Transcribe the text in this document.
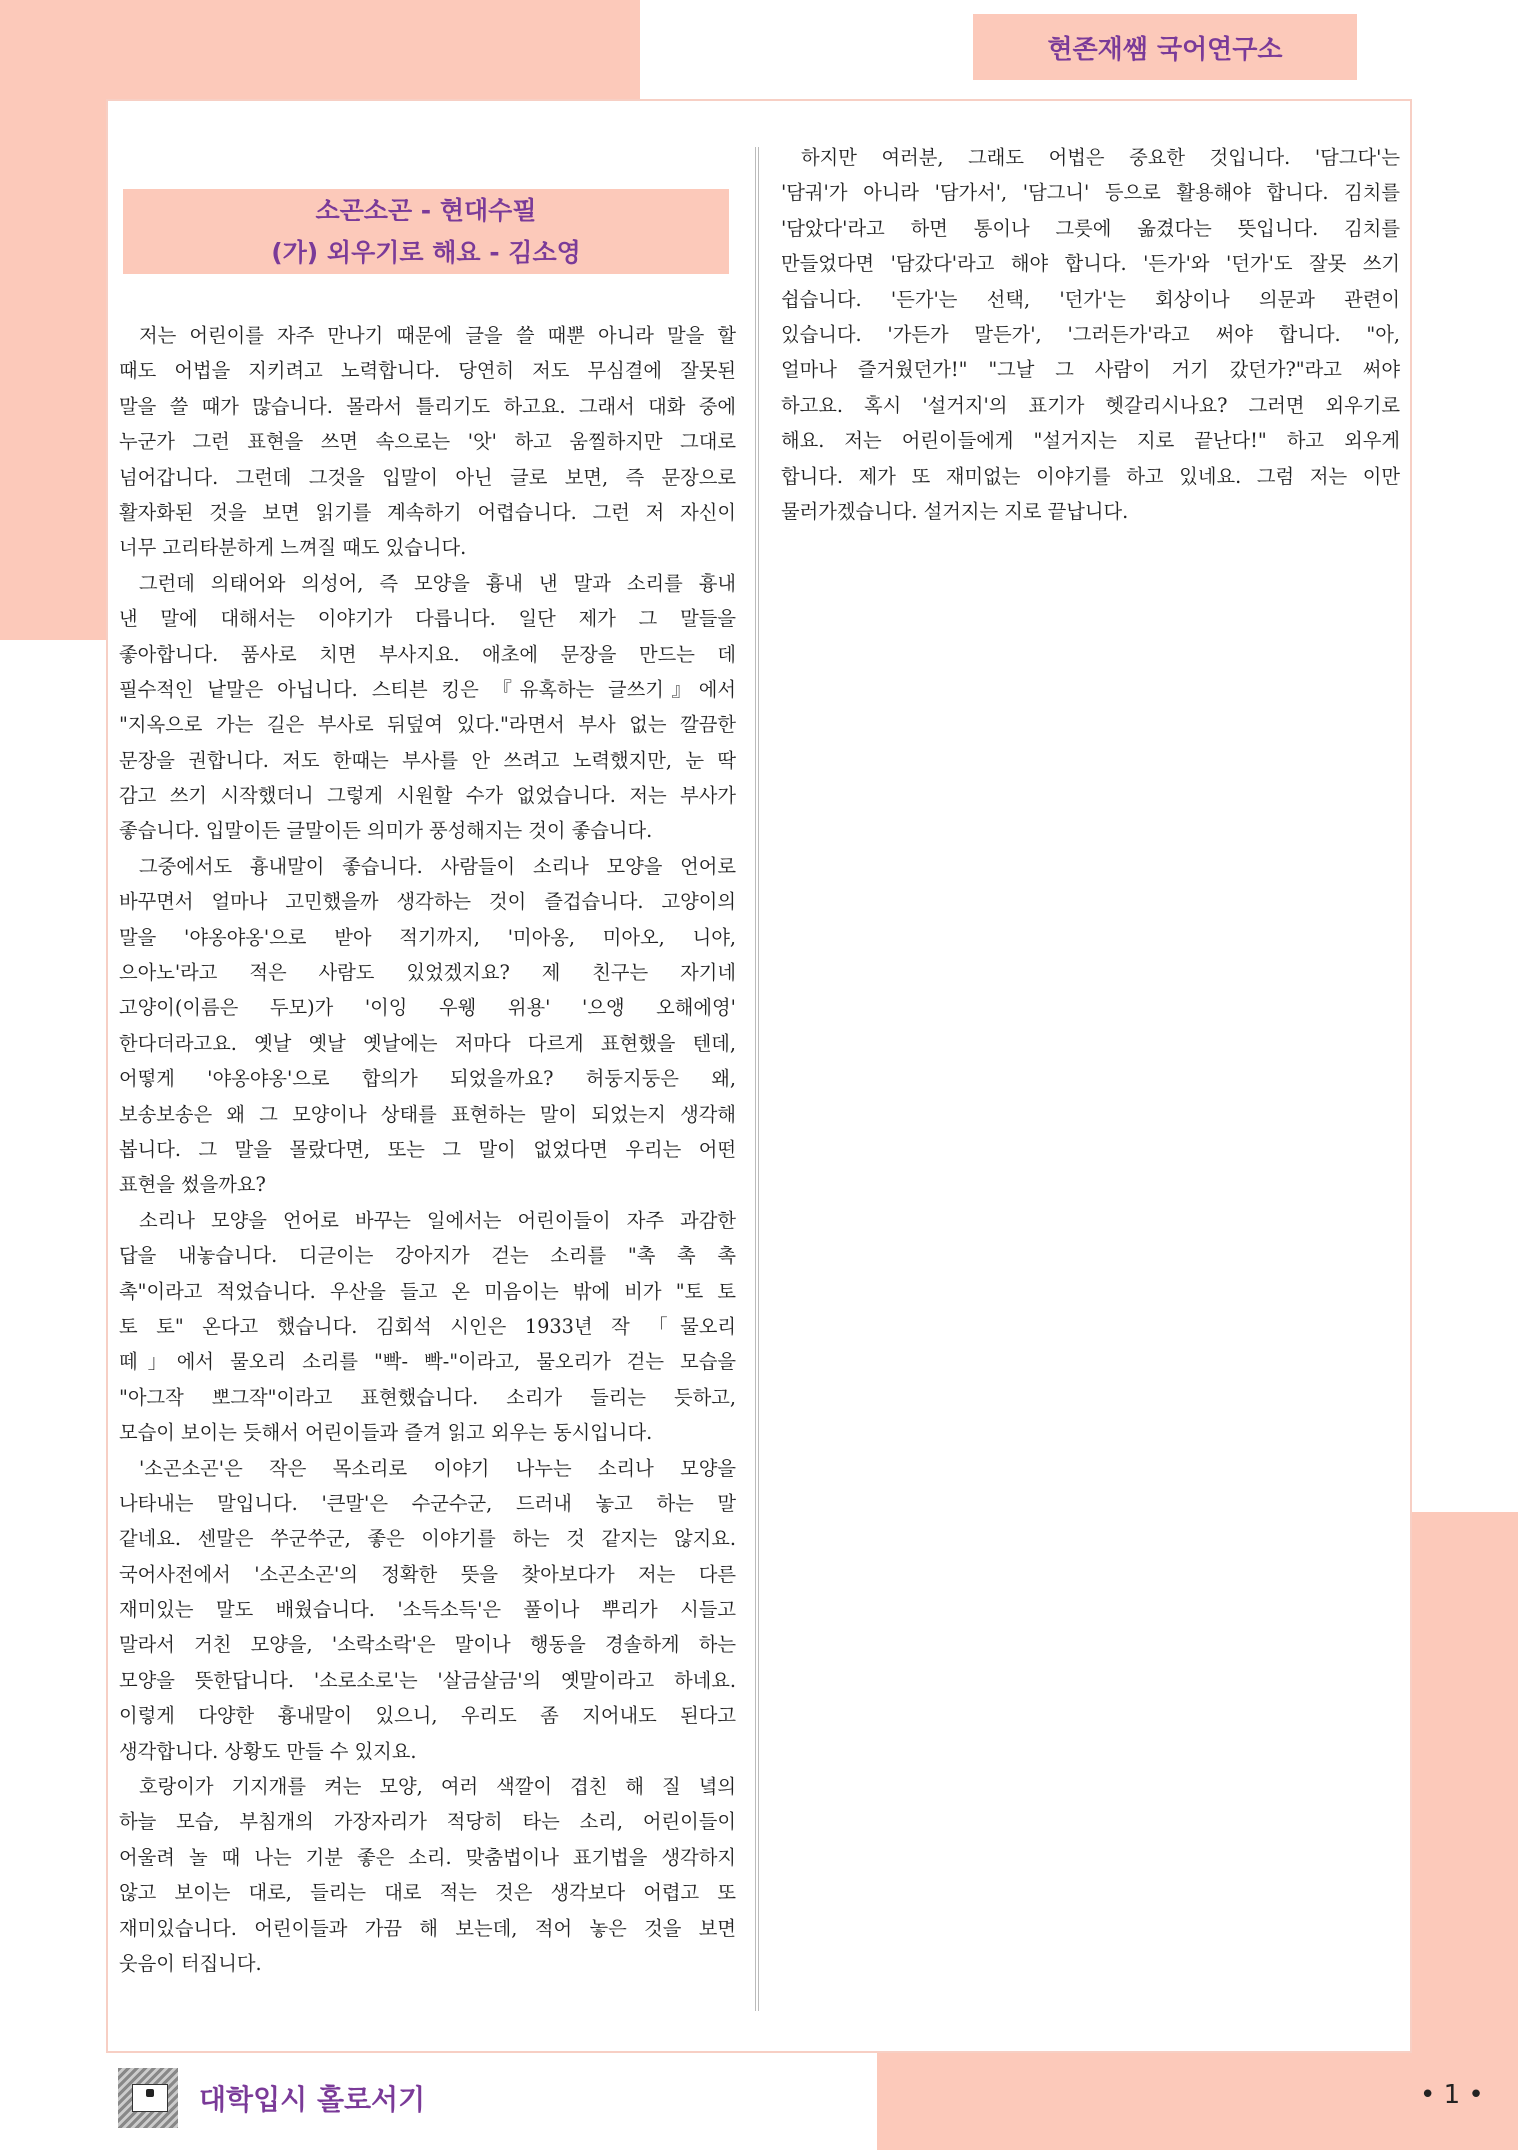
현존재쌤 국어연구소
소곤소곤 - 현대수필
(가) 외우기로 해요 - 김소영
저는 어린이를 자주 만나기 때문에 글을 쓸 때뿐 아니라 말을 할
때도 어법을 지키려고 노력합니다. 당연히 저도 무심결에 잘못된
말을 쓸 때가 많습니다. 몰라서 틀리기도 하고요. 그래서 대화 중에
누군가 그런 표현을 쓰면 속으로는 '앗' 하고 움찔하지만 그대로
넘어갑니다. 그런데 그것을 입말이 아닌 글로 보면, 즉 문장으로
활자화된 것을 보면 읽기를 계속하기 어렵습니다. 그런 저 자신이
너무 고리타분하게 느껴질 때도 있습니다.
그런데 의태어와 의성어, 즉 모양을 흉내 낸 말과 소리를 흉내
낸 말에 대해서는 이야기가 다릅니다. 일단 제가 그 말들을
좋아합니다. 품사로 치면 부사지요. 애초에 문장을 만드는 데
필수적인 낱말은 아닙니다. 스티븐 킹은 『유혹하는 글쓰기』에서
"지옥으로 가는 길은 부사로 뒤덮여 있다."라면서 부사 없는 깔끔한
문장을 권합니다. 저도 한때는 부사를 안 쓰려고 노력했지만, 눈 딱
감고 쓰기 시작했더니 그렇게 시원할 수가 없었습니다. 저는 부사가
좋습니다. 입말이든 글말이든 의미가 풍성해지는 것이 좋습니다.
그중에서도 흉내말이 좋습니다. 사람들이 소리나 모양을 언어로
바꾸면서 얼마나 고민했을까 생각하는 것이 즐겁습니다. 고양이의
말을 '야옹야옹'으로 받아 적기까지, '미아옹, 미아오, 니야,
으아노'라고 적은 사람도 있었겠지요? 제 친구는 자기네
고양이(이름은 두모)가 '이잉 우웽 위용' '으앵 오해에영'
한다더라고요. 옛날 옛날 옛날에는 저마다 다르게 표현했을 텐데,
어떻게 '야옹야옹'으로 합의가 되었을까요? 허둥지둥은 왜,
보송보송은 왜 그 모양이나 상태를 표현하는 말이 되었는지 생각해
봅니다. 그 말을 몰랐다면, 또는 그 말이 없었다면 우리는 어떤
표현을 썼을까요?
소리나 모양을 언어로 바꾸는 일에서는 어린이들이 자주 과감한
답을 내놓습니다. 디귿이는 강아지가 걷는 소리를 "촉 촉 촉
촉"이라고 적었습니다. 우산을 들고 온 미음이는 밖에 비가 "토 토
토 토" 온다고 했습니다. 김회석 시인은 1933년 작 「물오리
떼」에서 물오리 소리를 "빡- 빡-"이라고, 물오리가 걷는 모습을
"아그작 뽀그작"이라고 표현했습니다. 소리가 들리는 듯하고,
모습이 보이는 듯해서 어린이들과 즐겨 읽고 외우는 동시입니다.
'소곤소곤'은 작은 목소리로 이야기 나누는 소리나 모양을
나타내는 말입니다. '큰말'은 수군수군, 드러내 놓고 하는 말
같네요. 센말은 쑤군쑤군, 좋은 이야기를 하는 것 같지는 않지요.
국어사전에서 '소곤소곤'의 정확한 뜻을 찾아보다가 저는 다른
재미있는 말도 배웠습니다. '소득소득'은 풀이나 뿌리가 시들고
말라서 거친 모양을, '소락소락'은 말이나 행동을 경솔하게 하는
모양을 뜻한답니다. '소로소로'는 '살금살금'의 옛말이라고 하네요.
이렇게 다양한 흉내말이 있으니, 우리도 좀 지어내도 된다고
생각합니다. 상황도 만들 수 있지요.
호랑이가 기지개를 켜는 모양, 여러 색깔이 겹친 해 질 녘의
하늘 모습, 부침개의 가장자리가 적당히 타는 소리, 어린이들이
어울려 놀 때 나는 기분 좋은 소리. 맞춤법이나 표기법을 생각하지
않고 보이는 대로, 들리는 대로 적는 것은 생각보다 어렵고 또
재미있습니다. 어린이들과 가끔 해 보는데, 적어 놓은 것을 보면
웃음이 터집니다.
하지만 여러분, 그래도 어법은 중요한 것입니다. '담그다'는
'담궈'가 아니라 '담가서', '담그니' 등으로 활용해야 합니다. 김치를
'담았다'라고 하면 통이나 그릇에 옮겼다는 뜻입니다. 김치를
만들었다면 '담갔다'라고 해야 합니다. '든가'와 '던가'도 잘못 쓰기
쉽습니다. '든가'는 선택, '던가'는 회상이나 의문과 관련이
있습니다. '가든가 말든가', '그러든가'라고 써야 합니다. "아,
얼마나 즐거웠던가!" "그날 그 사람이 거기 갔던가?"라고 써야
하고요. 혹시 '설거지'의 표기가 헷갈리시나요? 그러면 외우기로
해요. 저는 어린이들에게 "설거지는 지로 끝난다!" 하고 외우게
합니다. 제가 또 재미없는 이야기를 하고 있네요. 그럼 저는 이만
물러가겠습니다. 설거지는 지로 끝납니다.
대학입시 홀로서기	• 1 •
